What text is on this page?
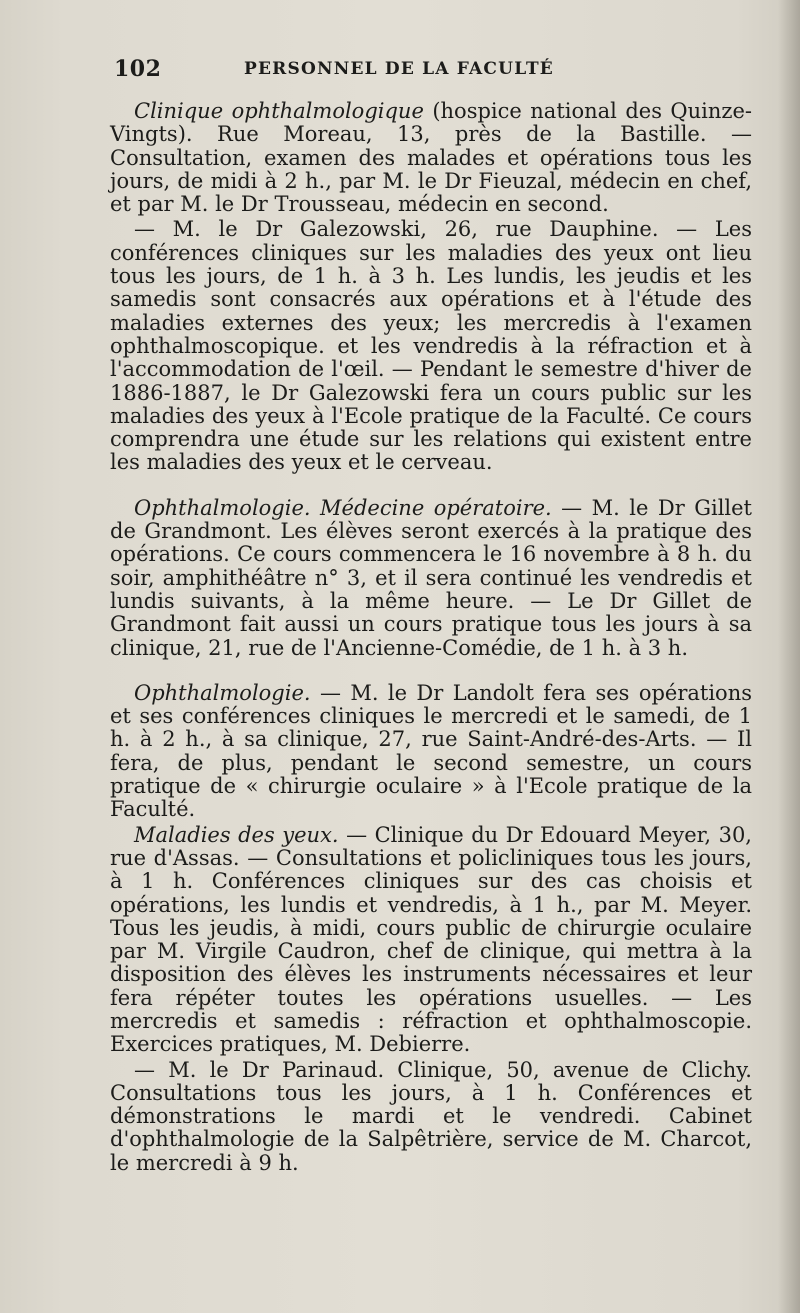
102	PERSONNEL DE LA FACULTÉ

Clinique ophthalmologique (hospice national des Quinze-Vingts). Rue Moreau, 13, près de la Bastille. — Consultation, examen des malades et opérations tous les jours, de midi à 2 h., par M. le Dr Fieuzal, médecin en chef, et par M. le Dr Trousseau, médecin en second.

— M. le Dr Galezowski, 26, rue Dauphine. — Les conférences cliniques sur les maladies des yeux ont lieu tous les jours, de 1 h. à 3 h. Les lundis, les jeudis et les samedis sont consacrés aux opérations et à l'étude des maladies externes des yeux; les mercredis à l'examen ophthalmoscopique. et les vendredis à la réfraction et à l'accommodation de l'œil. — Pendant le semestre d'hiver de 1886-1887, le Dr Galezowski fera un cours public sur les maladies des yeux à l'Ecole pratique de la Faculté. Ce cours comprendra une étude sur les relations qui existent entre les maladies des yeux et le cerveau.

Ophthalmologie. Médecine opératoire. — M. le Dr Gillet de Grandmont. Les élèves seront exercés à la pratique des opérations. Ce cours commencera le 16 novembre à 8 h. du soir, amphithéâtre n° 3, et il sera continué les vendredis et lundis suivants, à la même heure. — Le Dr Gillet de Grandmont fait aussi un cours pratique tous les jours à sa clinique, 21, rue de l'Ancienne-Comédie, de 1 h. à 3 h.

Ophthalmologie. — M. le Dr Landolt fera ses opérations et ses conférences cliniques le mercredi et le samedi, de 1 h. à 2 h., à sa clinique, 27, rue Saint-André-des-Arts. — Il fera, de plus, pendant le second semestre, un cours pratique de « chirurgie oculaire » à l'Ecole pratique de la Faculté.

Maladies des yeux. — Clinique du Dr Edouard Meyer, 30, rue d'Assas. — Consultations et policliniques tous les jours, à 1 h. Conférences cliniques sur des cas choisis et opérations, les lundis et vendredis, à 1 h., par M. Meyer. Tous les jeudis, à midi, cours public de chirurgie oculaire par M. Virgile Caudron, chef de clinique, qui mettra à la disposition des élèves les instruments nécessaires et leur fera répéter toutes les opérations usuelles. — Les mercredis et samedis : réfraction et ophthalmoscopie. Exercices pratiques, M. Debierre.

— M. le Dr Parinaud. Clinique, 50, avenue de Clichy. Consultations tous les jours, à 1 h. Conférences et démonstrations le mardi et le vendredi. Cabinet d'ophthalmologie de la Salpêtrière, service de M. Charcot, le mercredi à 9 h.
